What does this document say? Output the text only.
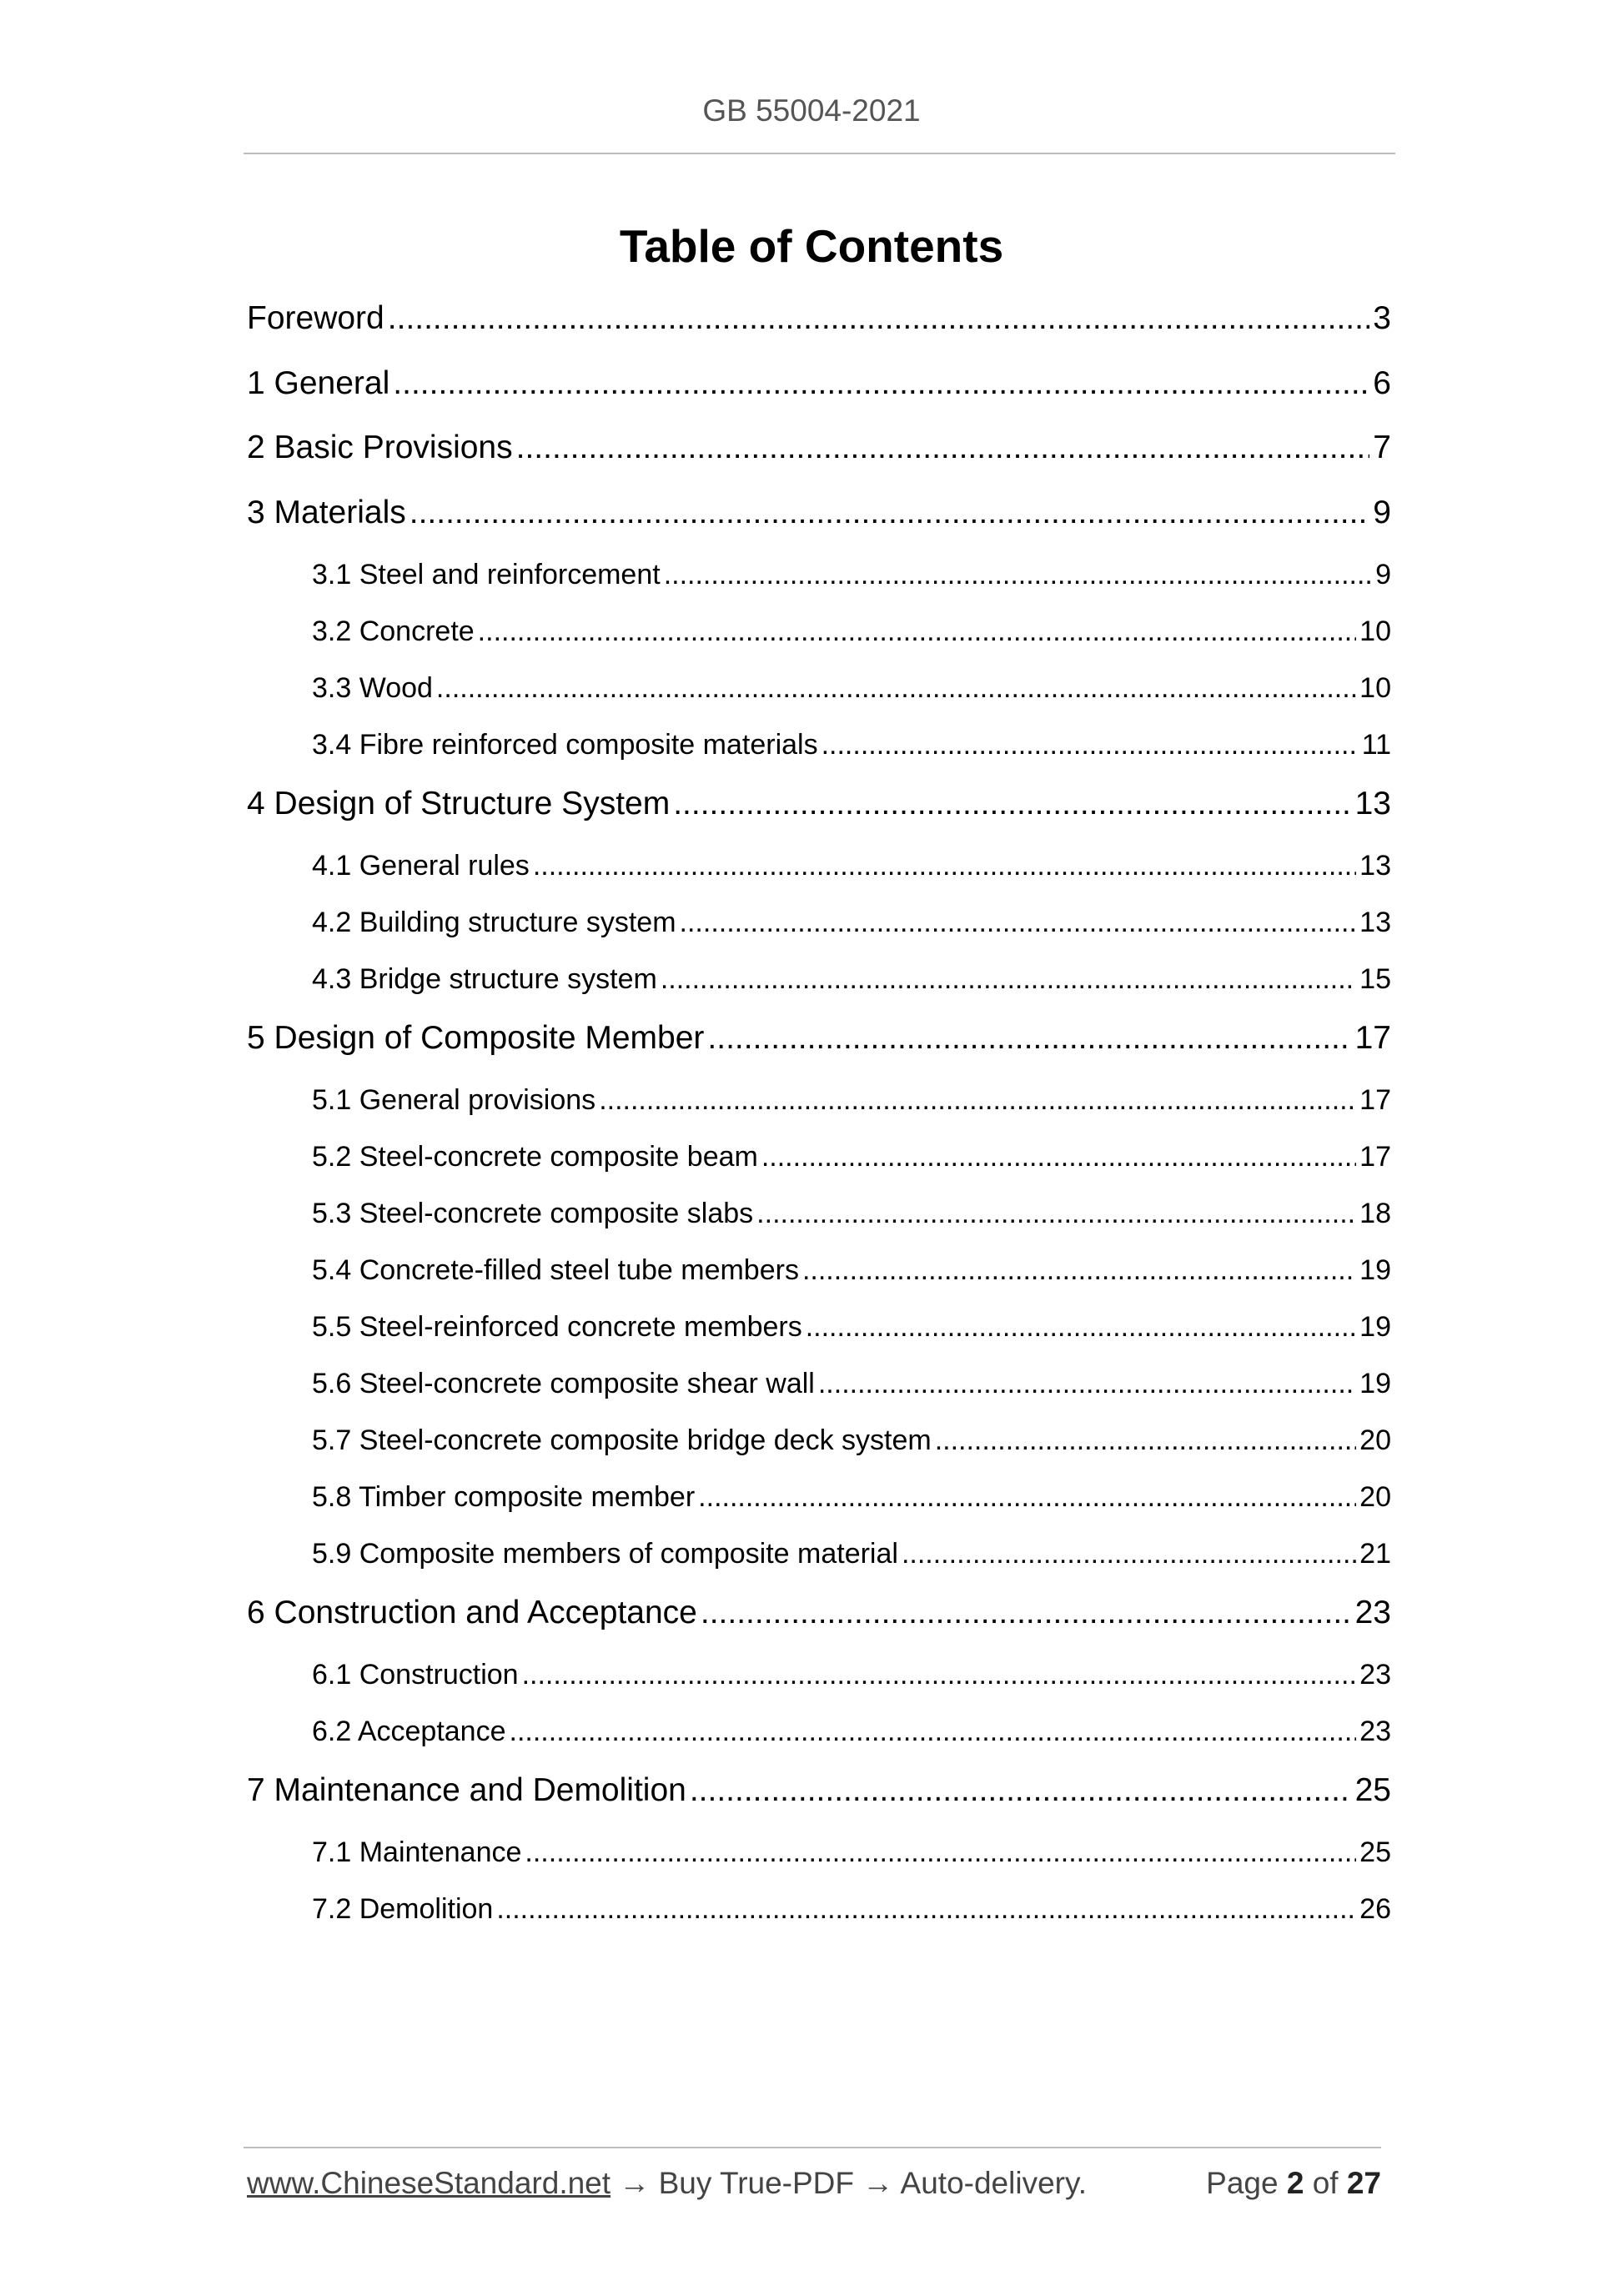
GB 55004-2021
Table of Contents
Foreword .....	3
1 General .....	6
2 Basic Provisions .....	7
3 Materials .....	9
3.1 Steel and reinforcement .....	9
3.2 Concrete .....	10
3.3 Wood .....	10
3.4 Fibre reinforced composite materials .....	11
4 Design of Structure System .....	13
4.1 General rules .....	13
4.2 Building structure system .....	13
4.3 Bridge structure system .....	15
5 Design of Composite Member .....	17
5.1 General provisions .....	17
5.2 Steel-concrete composite beam .....	17
5.3 Steel-concrete composite slabs .....	18
5.4 Concrete-filled steel tube members .....	19
5.5 Steel-reinforced concrete members .....	19
5.6 Steel-concrete composite shear wall .....	19
5.7 Steel-concrete composite bridge deck system .....	20
5.8 Timber composite member .....	20
5.9 Composite members of composite material .....	21
6 Construction and Acceptance .....	23
6.1 Construction .....	23
6.2 Acceptance .....	23
7 Maintenance and Demolition .....	25
7.1 Maintenance .....	25
7.2 Demolition .....	26
www.ChineseStandard.net → Buy True-PDF → Auto-delivery.	Page 2 of 27
